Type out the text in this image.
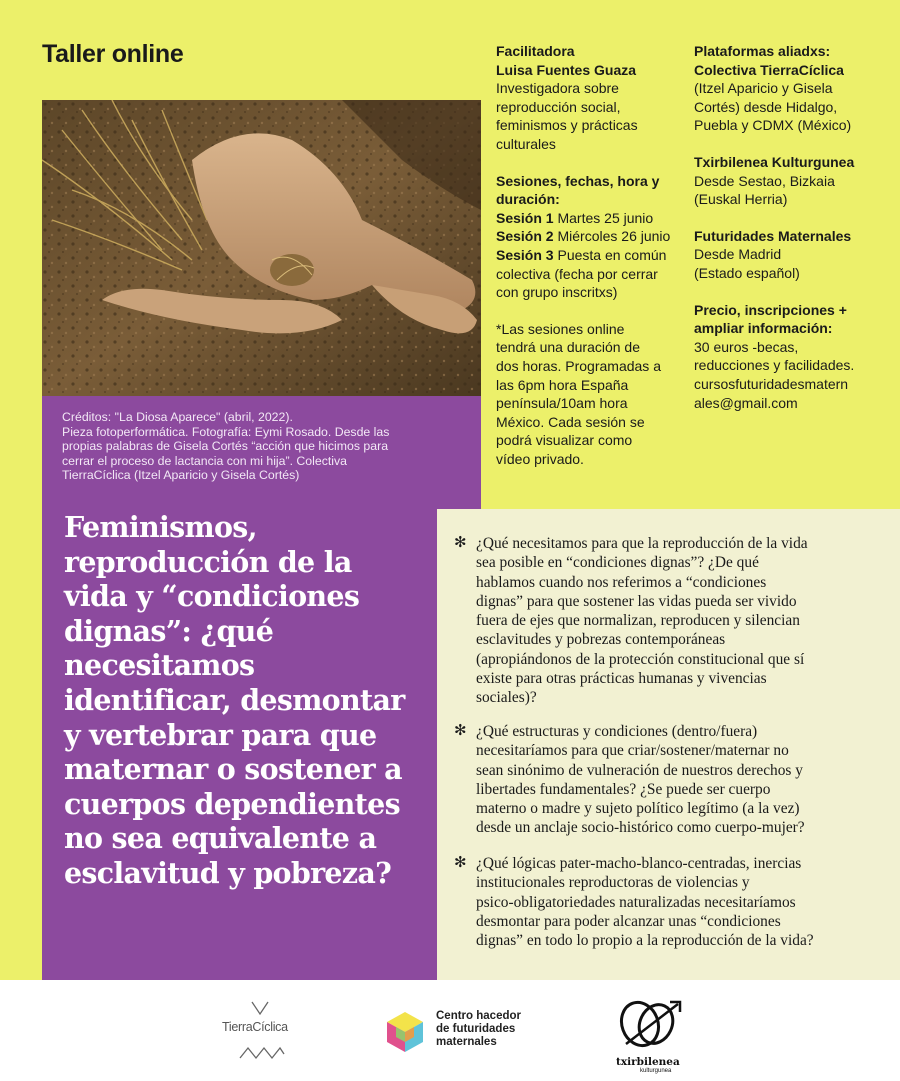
Taller online
Créditos: "La Diosa Aparece" (abril, 2022).
Pieza fotoperformática. Fotografía: Eymi Rosado. Desde las
propias palabras de Gisela Cortés “acción que hicimos para
cerrar el proceso de lactancia con mi hija”. Colectiva
TierraCíclica (Itzel Aparicio y Gisela Cortés)
Feminismos,
reproducción de la
vida y “condiciones
dignas”: ¿qué
necesitamos
identificar, desmontar
y vertebrar para que
maternar o sostener a
cuerpos dependientes
no sea equivalente a
esclavitud y pobreza?
Facilitadora
Luisa Fuentes Guaza
Investigadora sobre
reproducción social,
feminismos y prácticas
culturales
Sesiones, fechas, hora y
duración:
Sesión 1 Martes 25 junio
Sesión 2 Miércoles 26 junio
Sesión 3 Puesta en común
colectiva (fecha por cerrar
con grupo inscritxs)
*Las sesiones online
tendrá una duración de
dos horas. Programadas a
las 6pm hora España
península/10am hora
México. Cada sesión se
podrá visualizar como
vídeo privado.
Plataformas aliadxs:
Colectiva TierraCíclica
(Itzel Aparicio y Gisela
Cortés) desde Hidalgo,
Puebla y CDMX (México)
Txirbilenea Kulturgunea
Desde Sestao, Bizkaia
(Euskal Herria)
Futuridades Maternales
Desde Madrid
(Estado español)
Precio, inscripciones +
ampliar información:
30 euros -becas,
reducciones y facilidades.
cursosfuturidadesmatern
ales@gmail.com
✻ ¿Qué necesitamos para que la reproducción de la vida
sea posible en “condiciones dignas”? ¿De qué
hablamos cuando nos referimos a “condiciones
dignas” para que sostener las vidas pueda ser vivido
fuera de ejes que normalizan, reproducen y silencian
esclavitudes y pobrezas contemporáneas
(apropiándonos de la protección constitucional que sí
existe para otras prácticas humanas y vivencias
sociales)?
✻ ¿Qué estructuras y condiciones (dentro/fuera)
necesitaríamos para que criar/sostener/maternar no
sean sinónimo de vulneración de nuestros derechos y
libertades fundamentales? ¿Se puede ser cuerpo
materno o madre y sujeto político legítimo (a la vez)
desde un anclaje socio-histórico como cuerpo-mujer?
✻ ¿Qué lógicas pater-macho-blanco-centradas, inercias
institucionales reproductoras de violencias y
psico-obligatoriedades naturalizadas necesitaríamos
desmontar para poder alcanzar unas “condiciones
dignas” en todo lo propio a la reproducción de la vida?
TierraCíclica
Centro hacedor
de futuridades
maternales
txirbilenea
kulturgunea
